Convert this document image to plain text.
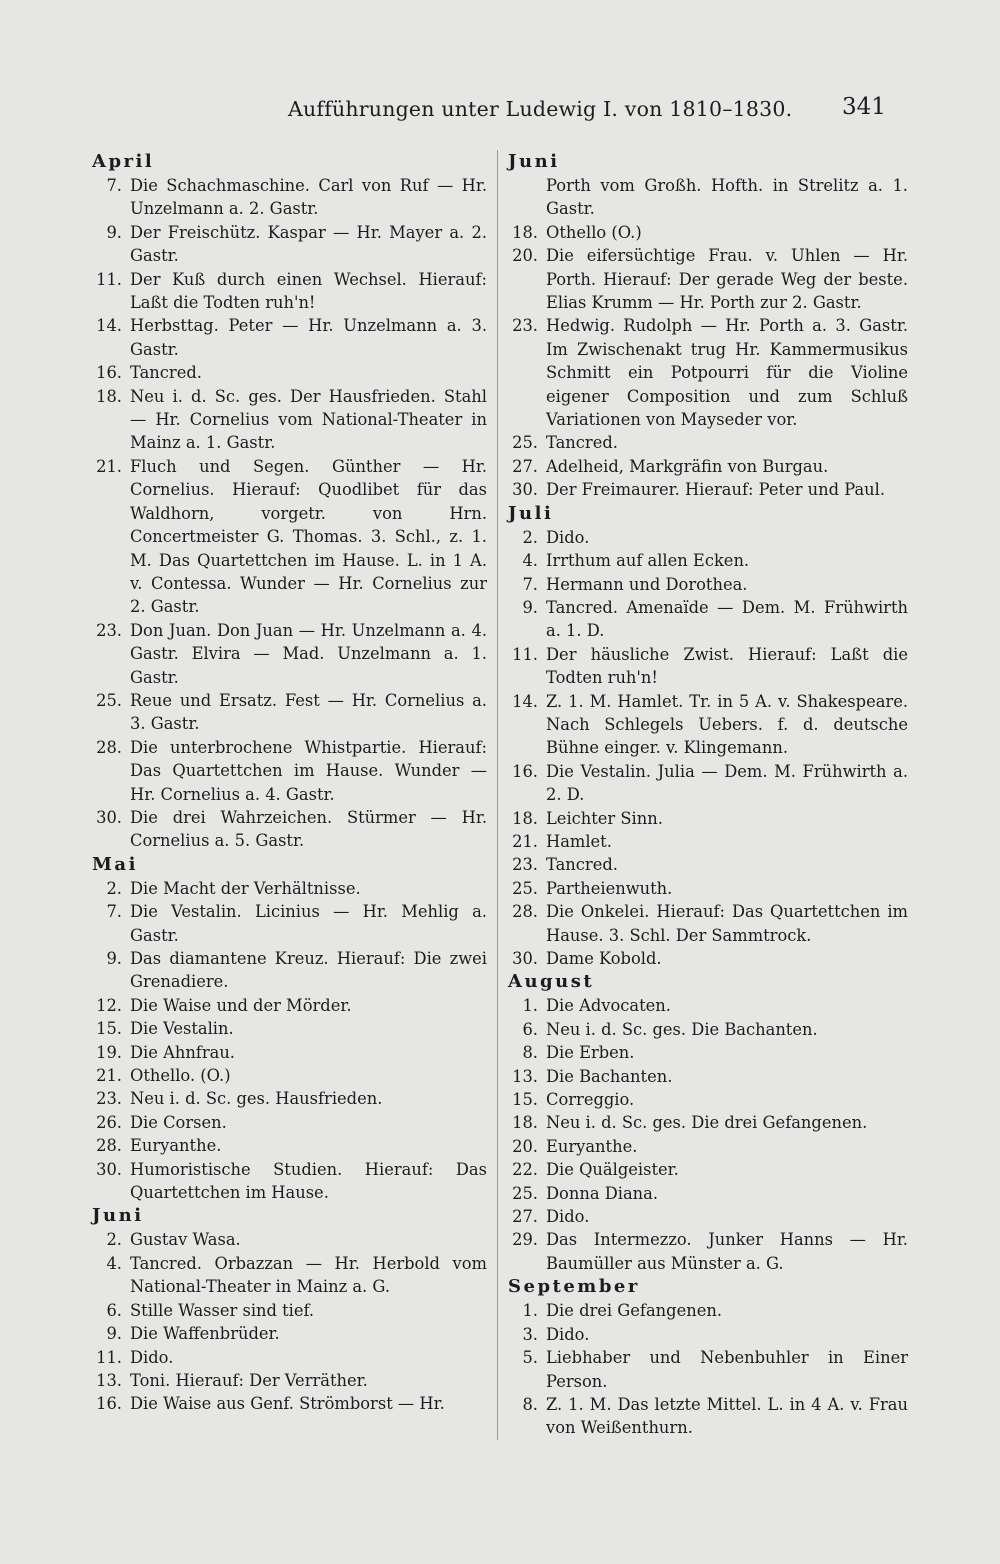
Aufführungen unter Ludewig I. von 1810–1830. 341
April
7. Die Schachmaschine. Carl von Ruf — Hr. Unzelmann a. 2. Gastr.
9. Der Freischütz. Kaspar — Hr. Mayer a. 2. Gastr.
11. Der Kuß durch einen Wechsel. Hierauf: Laßt die Todten ruh'n!
14. Herbsttag. Peter — Hr. Unzelmann a. 3. Gastr.
16. Tancred.
18. Neu i. d. Sc. ges. Der Hausfrieden. Stahl — Hr. Cornelius vom National-Theater in Mainz a. 1. Gastr.
21. Fluch und Segen. Günther — Hr. Cornelius. Hierauf: Quodlibet für das Waldhorn, vorgetr. von Hrn. Concertmeister G. Thomas. 3. Schl., z. 1. M. Das Quartettchen im Hause. L. in 1 A. v. Contessa. Wunder — Hr. Cornelius zur 2. Gastr.
23. Don Juan. Don Juan — Hr. Unzelmann a. 4. Gastr. Elvira — Mad. Unzelmann a. 1. Gastr.
25. Reue und Ersatz. Fest — Hr. Cornelius a. 3. Gastr.
28. Die unterbrochene Whistpartie. Hierauf: Das Quartettchen im Hause. Wunder — Hr. Cornelius a. 4. Gastr.
30. Die drei Wahrzeichen. Stürmer — Hr. Cornelius a. 5. Gastr.
Mai
2. Die Macht der Verhältnisse.
7. Die Vestalin. Licinius — Hr. Mehlig a. Gastr.
9. Das diamantene Kreuz. Hierauf: Die zwei Grenadiere.
12. Die Waise und der Mörder.
15. Die Vestalin.
19. Die Ahnfrau.
21. Othello. (O.)
23. Neu i. d. Sc. ges. Hausfrieden.
26. Die Corsen.
28. Euryanthe.
30. Humoristische Studien. Hierauf: Das Quartettchen im Hause.
Juni
2. Gustav Wasa.
4. Tancred. Orbazzan — Hr. Herbold vom National-Theater in Mainz a. G.
6. Stille Wasser sind tief.
9. Die Waffenbrüder.
11. Dido.
13. Toni. Hierauf: Der Verräther.
16. Die Waise aus Genf. Strömborst — Hr.
Juni
Porth vom Großh. Hofth. in Strelitz a. 1. Gastr.
18. Othello (O.)
20. Die eifersüchtige Frau. v. Uhlen — Hr. Porth. Hierauf: Der gerade Weg der beste. Elias Krumm — Hr. Porth zur 2. Gastr.
23. Hedwig. Rudolph — Hr. Porth a. 3. Gastr. Im Zwischenakt trug Hr. Kammermusikus Schmitt ein Potpourri für die Violine eigener Composition und zum Schluß Variationen von Mayseder vor.
25. Tancred.
27. Adelheid, Markgräfin von Burgau.
30. Der Freimaurer. Hierauf: Peter und Paul.
Juli
2. Dido.
4. Irrthum auf allen Ecken.
7. Hermann und Dorothea.
9. Tancred. Amenaïde — Dem. M. Frühwirth a. 1. D.
11. Der häusliche Zwist. Hierauf: Laßt die Todten ruh'n!
14. Z. 1. M. Hamlet. Tr. in 5 A. v. Shakespeare. Nach Schlegels Uebers. f. d. deutsche Bühne einger. v. Klingemann.
16. Die Vestalin. Julia — Dem. M. Frühwirth a. 2. D.
18. Leichter Sinn.
21. Hamlet.
23. Tancred.
25. Partheienwuth.
28. Die Onkelei. Hierauf: Das Quartettchen im Hause. 3. Schl. Der Sammtrock.
30. Dame Kobold.
August
1. Die Advocaten.
6. Neu i. d. Sc. ges. Die Bachanten.
8. Die Erben.
13. Die Bachanten.
15. Correggio.
18. Neu i. d. Sc. ges. Die drei Gefangenen.
20. Euryanthe.
22. Die Quälgeister.
25. Donna Diana.
27. Dido.
29. Das Intermezzo. Junker Hanns — Hr. Baumüller aus Münster a. G.
September
1. Die drei Gefangenen.
3. Dido.
5. Liebhaber und Nebenbuhler in Einer Person.
8. Z. 1. M. Das letzte Mittel. L. in 4 A. v. Frau von Weißenthurn.
